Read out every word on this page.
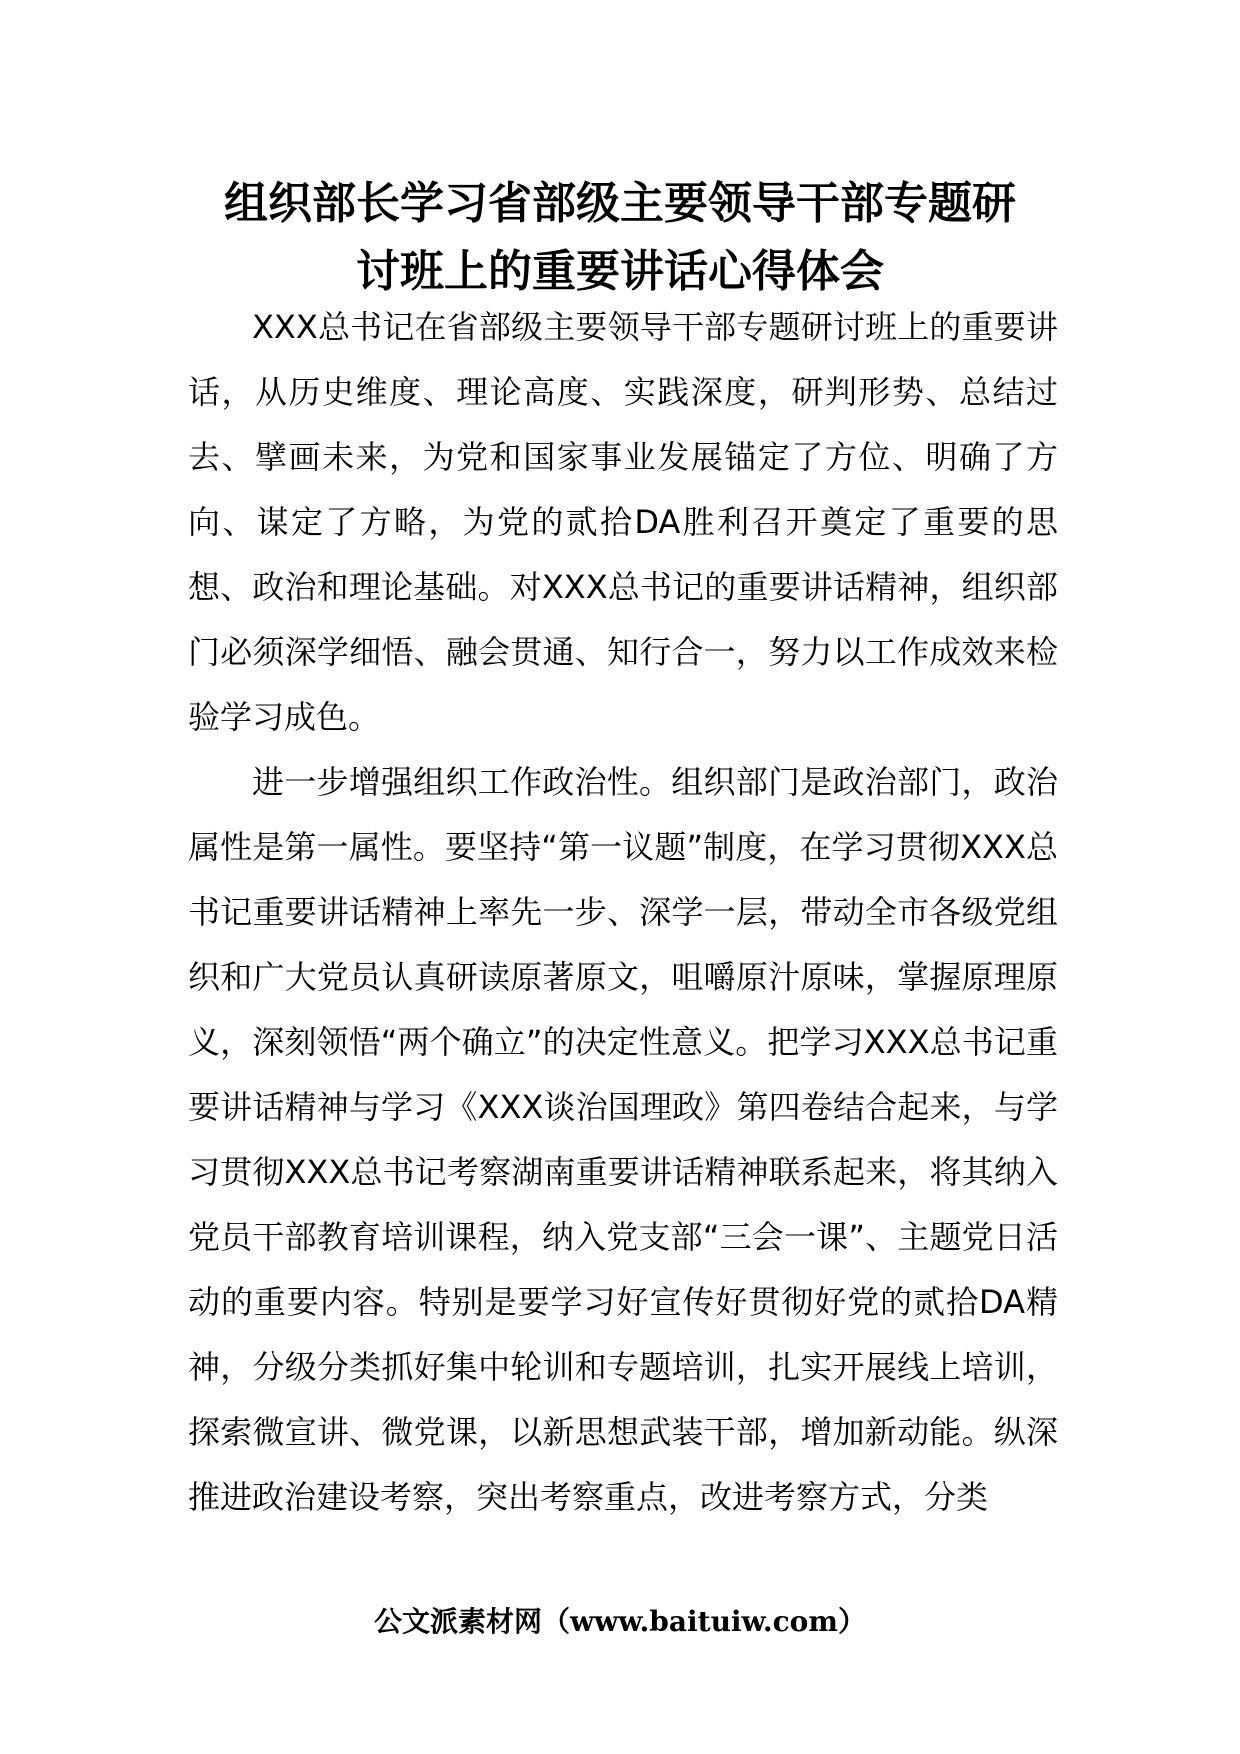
组织部长学习省部级主要领导干部专题研
讨班上的重要讲话心得体会

XXX总书记在省部级主要领导干部专题研讨班上的重要讲话，从历史维度、理论高度、实践深度，研判形势、总结过去、擘画未来，为党和国家事业发展锚定了方位、明确了方向、谋定了方略，为党的贰拾DA胜利召开奠定了重要的思想、政治和理论基础。对XXX总书记的重要讲话精神，组织部门必须深学细悟、融会贯通、知行合一，努力以工作成效来检验学习成色。

进一步增强组织工作政治性。组织部门是政治部门，政治属性是第一属性。要坚持“第一议题”制度，在学习贯彻XXX总书记重要讲话精神上率先一步、深学一层，带动全市各级党组织和广大党员认真研读原著原文，咀嚼原汁原味，掌握原理原义，深刻领悟“两个确立”的决定性意义。把学习XXX总书记重要讲话精神与学习《XXX谈治国理政》第四卷结合起来，与学习贯彻XXX总书记考察湖南重要讲话精神联系起来，将其纳入党员干部教育培训课程，纳入党支部“三会一课”、主题党日活动的重要内容。特别是要学习好宣传好贯彻好党的贰拾DA精神，分级分类抓好集中轮训和专题培训，扎实开展线上培训，探索微宣讲、微党课，以新思想武装干部，增加新动能。纵深推进政治建设考察，突出考察重点，改进考察方式，分类

公文派素材网（www.baituiw.com）
